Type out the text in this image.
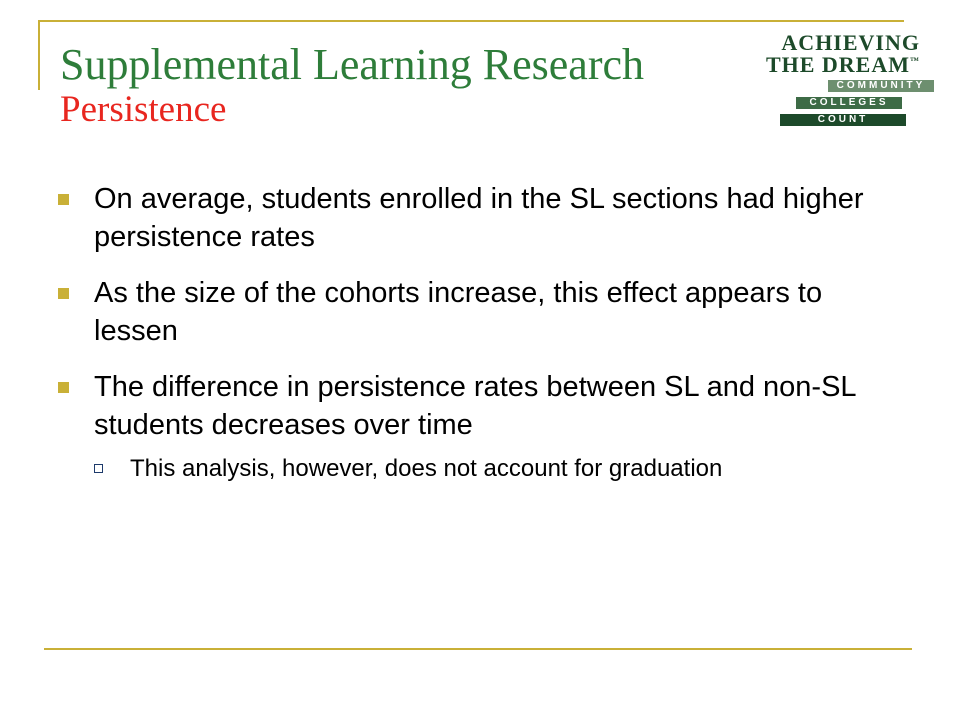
Supplemental Learning Research
Persistence
ACHIEVING
THE DREAM™
COMMUNITY
COLLEGES
COUNT
On average, students enrolled in the SL sections had higher persistence rates
As the size of the cohorts increase, this effect appears to lessen
The difference in persistence rates between SL and non-SL students decreases over time
This analysis, however, does not account for graduation
